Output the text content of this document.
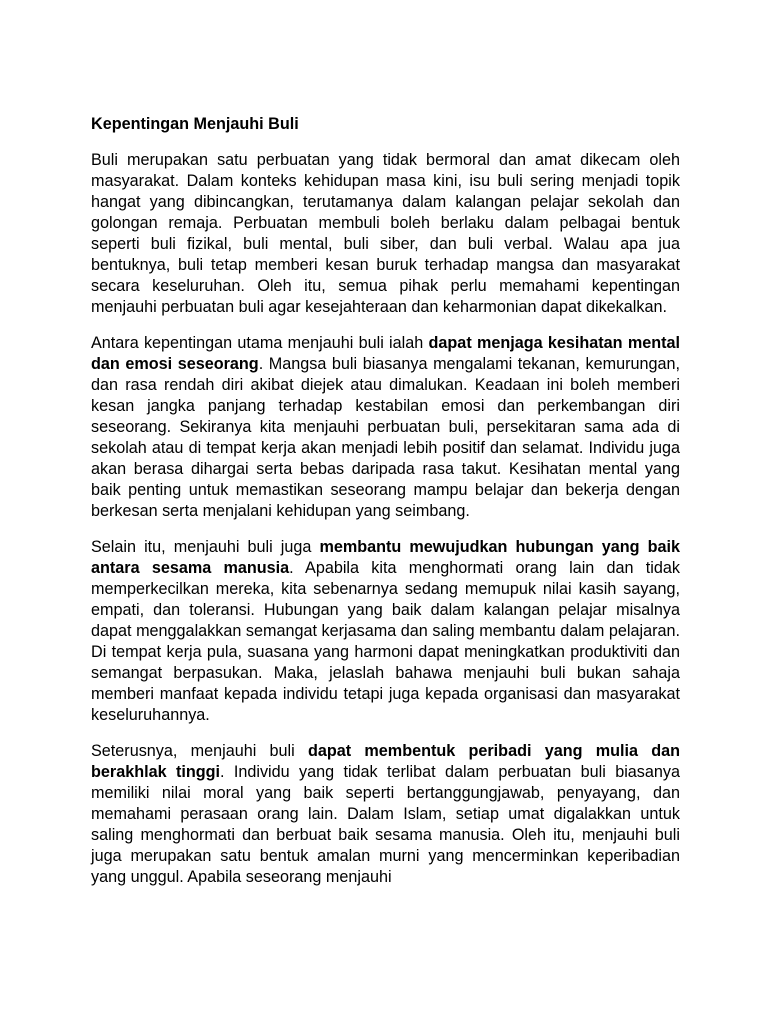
Kepentingan Menjauhi Buli

Buli merupakan satu perbuatan yang tidak bermoral dan amat dikecam oleh masyarakat. Dalam konteks kehidupan masa kini, isu buli sering menjadi topik hangat yang dibincangkan, terutamanya dalam kalangan pelajar sekolah dan golongan remaja. Perbuatan membuli boleh berlaku dalam pelbagai bentuk seperti buli fizikal, buli mental, buli siber, dan buli verbal. Walau apa jua bentuknya, buli tetap memberi kesan buruk terhadap mangsa dan masyarakat secara keseluruhan. Oleh itu, semua pihak perlu memahami kepentingan menjauhi perbuatan buli agar kesejahteraan dan keharmonian dapat dikekalkan.

Antara kepentingan utama menjauhi buli ialah dapat menjaga kesihatan mental dan emosi seseorang. Mangsa buli biasanya mengalami tekanan, kemurungan, dan rasa rendah diri akibat diejek atau dimalukan. Keadaan ini boleh memberi kesan jangka panjang terhadap kestabilan emosi dan perkembangan diri seseorang. Sekiranya kita menjauhi perbuatan buli, persekitaran sama ada di sekolah atau di tempat kerja akan menjadi lebih positif dan selamat. Individu juga akan berasa dihargai serta bebas daripada rasa takut. Kesihatan mental yang baik penting untuk memastikan seseorang mampu belajar dan bekerja dengan berkesan serta menjalani kehidupan yang seimbang.

Selain itu, menjauhi buli juga membantu mewujudkan hubungan yang baik antara sesama manusia. Apabila kita menghormati orang lain dan tidak memperkecilkan mereka, kita sebenarnya sedang memupuk nilai kasih sayang, empati, dan toleransi. Hubungan yang baik dalam kalangan pelajar misalnya dapat menggalakkan semangat kerjasama dan saling membantu dalam pelajaran. Di tempat kerja pula, suasana yang harmoni dapat meningkatkan produktiviti dan semangat berpasukan. Maka, jelaslah bahawa menjauhi buli bukan sahaja memberi manfaat kepada individu tetapi juga kepada organisasi dan masyarakat keseluruhannya.

Seterusnya, menjauhi buli dapat membentuk peribadi yang mulia dan berakhlak tinggi. Individu yang tidak terlibat dalam perbuatan buli biasanya memiliki nilai moral yang baik seperti bertanggungjawab, penyayang, dan memahami perasaan orang lain. Dalam Islam, setiap umat digalakkan untuk saling menghormati dan berbuat baik sesama manusia. Oleh itu, menjauhi buli juga merupakan satu bentuk amalan murni yang mencerminkan keperibadian yang unggul. Apabila seseorang menjauhi
